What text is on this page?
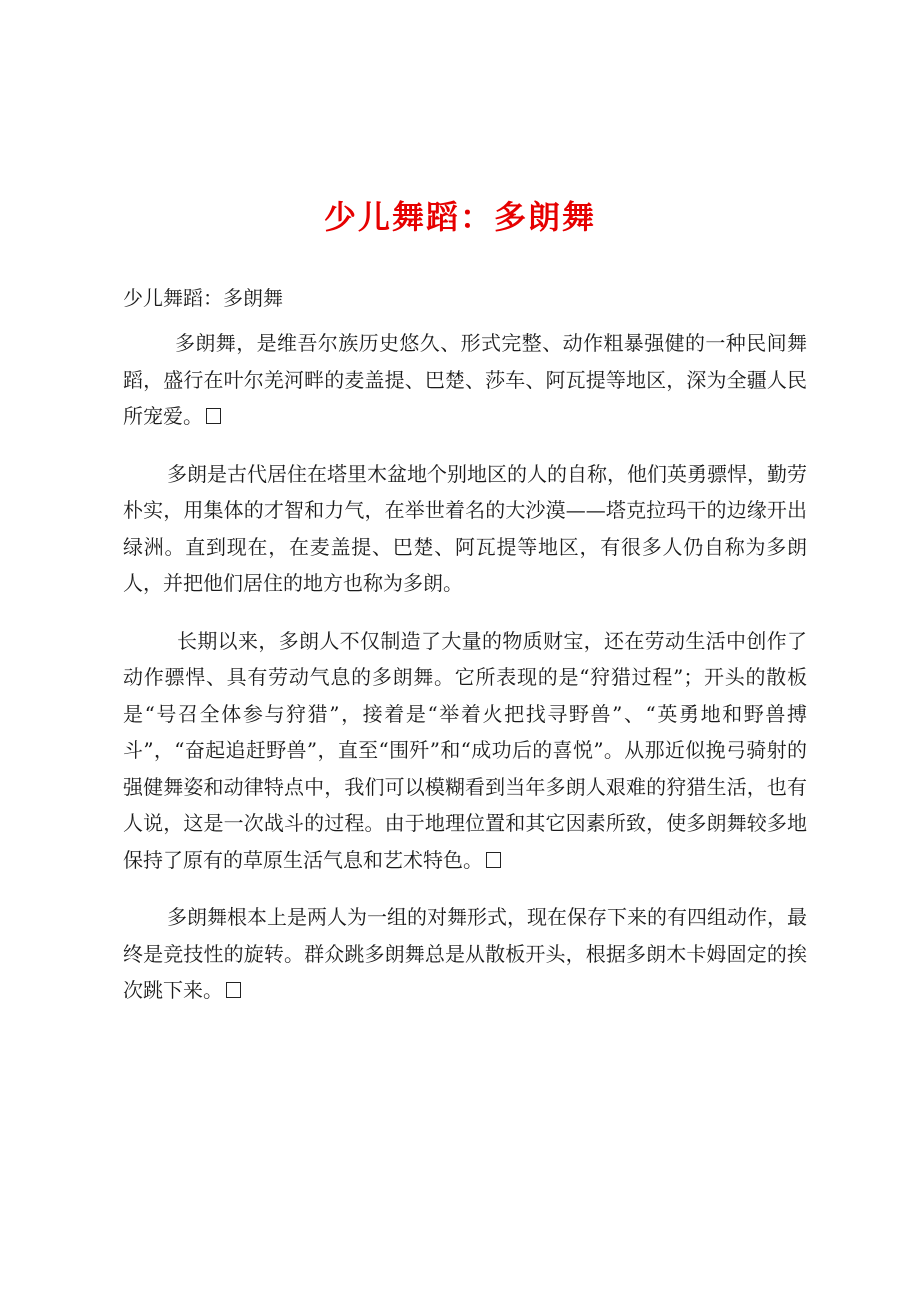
少儿舞蹈：多朗舞

少儿舞蹈：多朗舞

多朗舞，是维吾尔族历史悠久、形式完整、动作粗暴强健的一种民间舞蹈，盛行在叶尔羌河畔的麦盖提、巴楚、莎车、阿瓦提等地区，深为全疆人民所宠爱。

多朗是古代居住在塔里木盆地个别地区的人的自称，他们英勇骠悍，勤劳朴实，用集体的才智和力气，在举世着名的大沙漠——塔克拉玛干的边缘开出绿洲。直到现在，在麦盖提、巴楚、阿瓦提等地区，有很多人仍自称为多朗人，并把他们居住的地方也称为多朗。

长期以来，多朗人不仅制造了大量的物质财宝，还在劳动生活中创作了动作骠悍、具有劳动气息的多朗舞。它所表现的是“狩猎过程”；开头的散板是“号召全体参与狩猎”，接着是“举着火把找寻野兽”、“英勇地和野兽搏斗”，“奋起追赶野兽”，直至“围歼”和“成功后的喜悦”。从那近似挽弓骑射的强健舞姿和动律特点中，我们可以模糊看到当年多朗人艰难的狩猎生活，也有人说，这是一次战斗的过程。由于地理位置和其它因素所致，使多朗舞较多地保持了原有的草原生活气息和艺术特色。

多朗舞根本上是两人为一组的对舞形式，现在保存下来的有四组动作，最终是竞技性的旋转。群众跳多朗舞总是从散板开头，根据多朗木卡姆固定的挨次跳下来。
